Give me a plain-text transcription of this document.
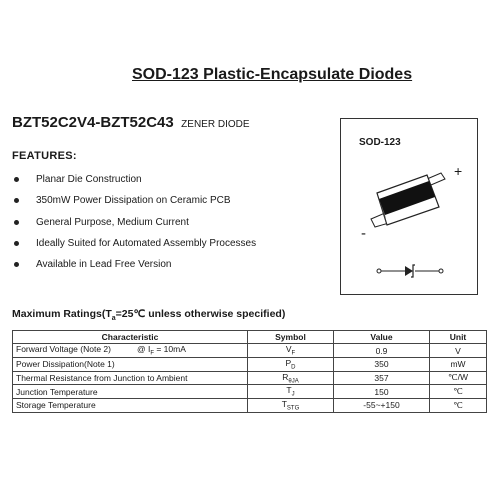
SOD-123 Plastic-Encapsulate Diodes
BZT52C2V4-BZT52C43 ZENER DIODE
FEATURES:
Planar Die Construction
350mW Power Dissipation on Ceramic PCB
General Purpose, Medium Current
Ideally Suited for Automated Assembly Processes
Available in Lead Free Version
SOD-123
+
-
Maximum $Ratings(T_a=25℃$ unless otherwise specified)
Characteristic	Symbol	Value	Unit
Forward Voltage (Note 2) @ $I_F = 10mA$	$V_F$	0.9	V
Power Dissipation(Note 1)	$P_D$	350	mW
Thermal Resistance from Junction to Ambient	$R_{\theta JA}$	357	℃/W
Junction Temperature	$T_J$	150	℃
Storage Temperature	$T_{STG}$	-55~+150	℃
